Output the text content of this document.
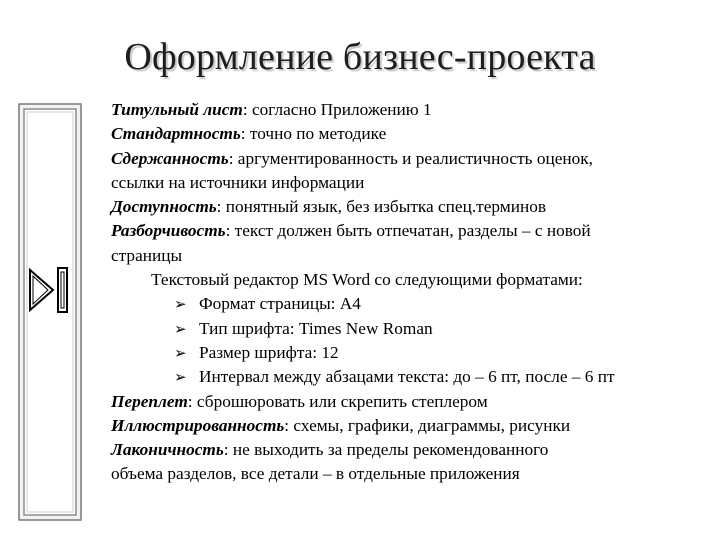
Оформление бизнес-проекта
Титульный лист: согласно Приложению 1
Стандартность: точно по методике
Сдержанность: аргументированность и реалистичность оценок,
ссылки на источники информации
Доступность: понятный язык, без избытка спец.терминов
Разборчивость: текст должен быть отпечатан, разделы – с новой
страницы
Текстовый редактор MS Word со следующими форматами:
➢ Формат страницы: А4
➢ Тип шрифта: Times New Roman
➢ Размер шрифта: 12
➢ Интервал между абзацами текста: до – 6 пт, после – 6 пт
Переплет: сброшюровать или скрепить степлером
Иллюстрированность: схемы, графики, диаграммы, рисунки
Лаконичность: не выходить за пределы рекомендованного
объема разделов, все детали – в отдельные приложения
